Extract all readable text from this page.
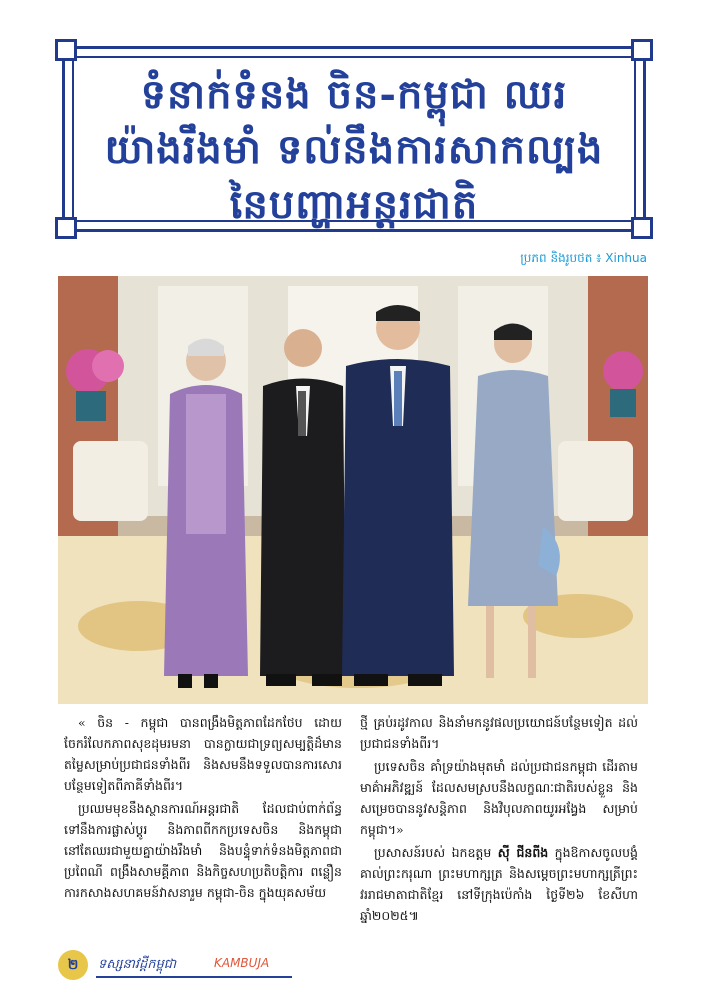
ទំនាក់ទំនង ចិន-កម្ពុជា ឈរ
យ៉ាងរឹងមាំ ទល់នឹងការសាកល្បង
នៃបញ្ហាអន្តរជាតិ
ប្រភព និងរូបថត ៖ Xinhua

« ចិន - កម្ពុជា បានពង្រឹងមិត្តភាពដែកថែប ដោយចែករំលែកភាពសុខដុមរមនា បានក្លាយជាទ្រព្យសម្បត្តិដ៏មានតម្លៃសម្រាប់ប្រជាជនទាំងពីរ និងសមនឹងទទួលបានការសោរបន្ថែមទៀតពីភាគីទាំងពីរ។

ប្រឈមមុខនឹងស្ថានការណ៍អន្តរជាតិ ដែលជាប់ពាក់ព័ន្ធទៅនឹងការផ្លាស់ប្តូរ និងភាពពីកកប្រទេសចិន និងកម្ពុជា នៅតែឈរជាមួយគ្នាយ៉ាងរឹងមាំ និងបន្ទុំទាក់ទំនងមិត្តភាពជាប្រពៃណី ពង្រឹងសាមគ្គីភាព និងកិច្ចសហប្រតិបត្តិការ ពន្លឿនការកសាងសហគមន៍វាសនារួម កម្ពុជា-ចិន ក្នុងយុគសម័យ

ថ្មី គ្រប់រដូវកាល និងនាំមកនូវផលប្រយោជន៍បន្ថែមទៀត ដល់ប្រជាជនទាំងពីរ។

ប្រទេសចិន គាំទ្រយ៉ាងមុតមាំ ដល់ប្រជាជនកម្ពុជា ដើរតាមមាគ៌ាអភិវឌ្ឍន៍ ដែលសមស្របនឹងលក្ខណៈជាតិរបស់ខ្លួន និងសម្រេចបាននូវសន្តិភាព និងវិបុលភាពយូរអង្វែង សម្រាប់កម្ពុជា។»

ប្រសាសន៍របស់ ឯកឧត្តម ស៊ី ជីនពីង ក្នុងឱកាសចូលបង្គំគាល់ព្រះករុណា ព្រះមហាក្សត្រ និងសម្តេចព្រះមហាក្សត្រីព្រះវររាជមាតាជាតិខ្មែរ នៅទីក្រុងប៉េកាំង ថ្ងៃទី២៦ ខែសីហា ឆ្នាំ២០២៥៕

២	ទស្សនាវដ្តីកម្ពុជា	KAMBUJA
